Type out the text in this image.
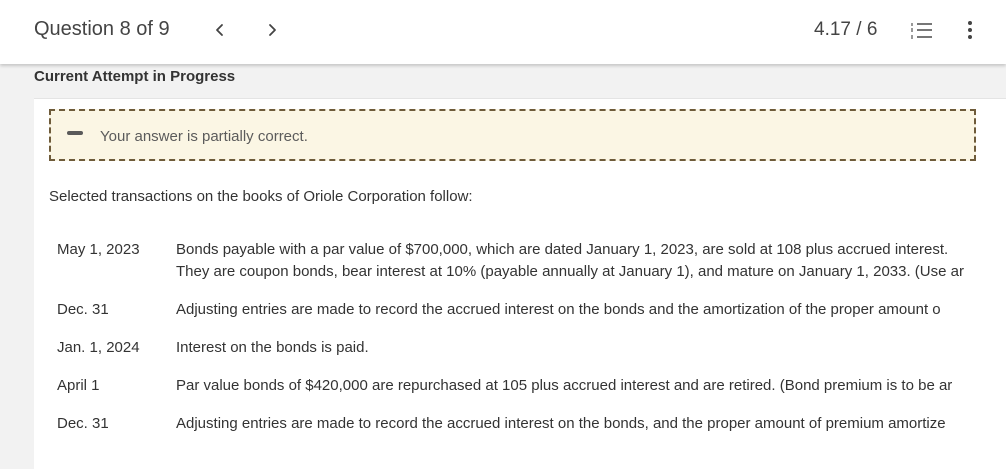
Question 8 of 9	4.17 / 6
Current Attempt in Progress
Your answer is partially correct.
Selected transactions on the books of Oriole Corporation follow:
May 1, 2023 Bonds payable with a par value of $700,000, which are dated January 1, 2023, are sold at 108 plus accrued interest.
They are coupon bonds, bear interest at 10% (payable annually at January 1), and mature on January 1, 2033. (Use ar
Dec. 31	Adjusting entries are made to record the accrued interest on the bonds and the amortization of the proper amount o
Jan. 1, 2024 Interest on the bonds is paid.
April 1	Par value bonds of $420,000 are repurchased at 105 plus accrued interest and are retired. (Bond premium is to be ar
Dec. 31	Adjusting entries are made to record the accrued interest on the bonds, and the proper amount of premium amortize
